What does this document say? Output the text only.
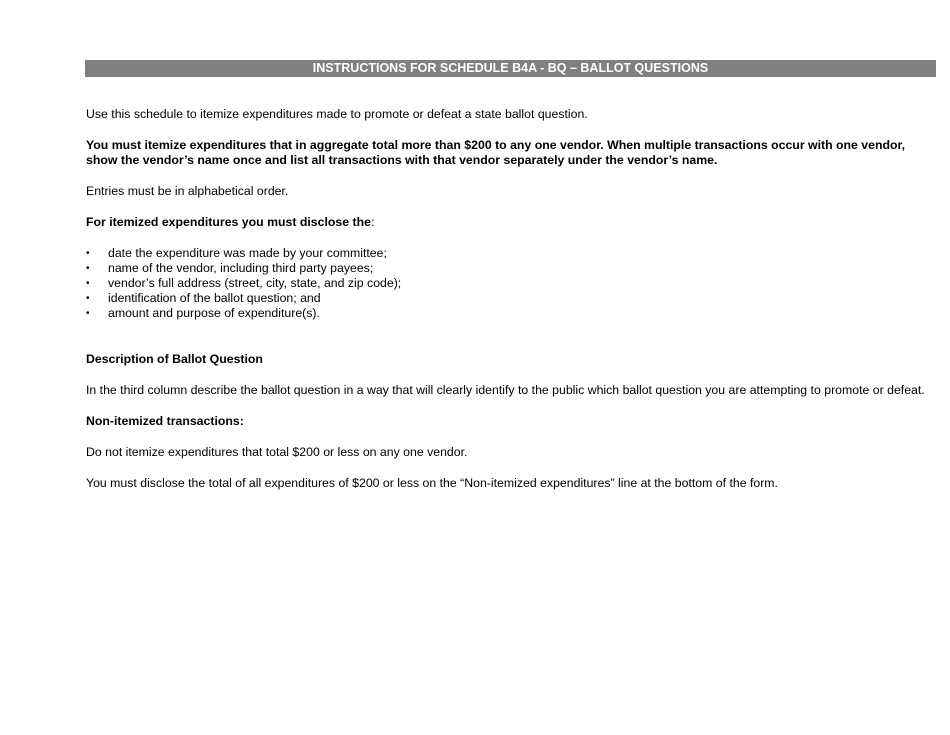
INSTRUCTIONS FOR SCHEDULE B4A - BQ – BALLOT QUESTIONS

Use this schedule to itemize expenditures made to promote or defeat a state ballot question.

You must itemize expenditures that in aggregate total more than $200 to any one vendor. When multiple transactions occur with one vendor, show the vendor’s name once and list all transactions with that vendor separately under the vendor’s name.

Entries must be in alphabetical order.

For itemized expenditures you must disclose the:

• date the expenditure was made by your committee;
• name of the vendor, including third party payees;
• vendor’s full address (street, city, state, and zip code);
• identification of the ballot question; and
• amount and purpose of expenditure(s).

Description of Ballot Question

In the third column describe the ballot question in a way that will clearly identify to the public which ballot question you are attempting to promote or defeat.

Non-itemized transactions:

Do not itemize expenditures that total $200 or less on any one vendor.

You must disclose the total of all expenditures of $200 or less on the “Non-itemized expenditures” line at the bottom of the form.
